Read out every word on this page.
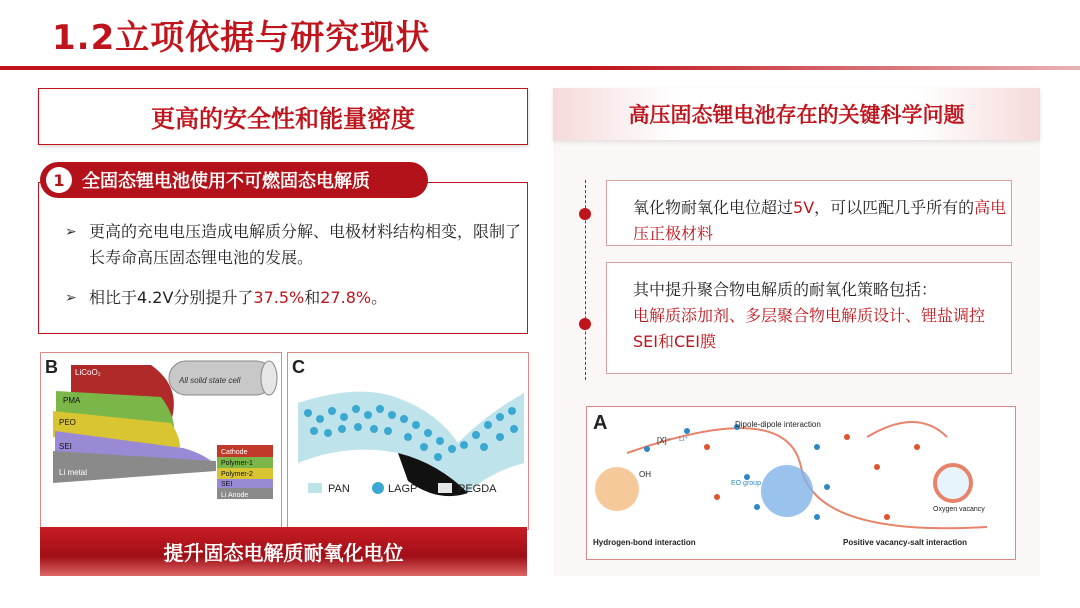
1.2立项依据与研究现状
更高的安全性和能量密度
➢ 更高的充电电压造成电解质分解、电极材料结构相变，限制了长寿命高压固态锂电池的发展。
➢ 相比于4.2V分别提升了37.5%和27.8%。
1 全固态锂电池使用不可燃固态电解质
B LiCoO₂
PMA
PEO
SEI
Li metal
All solid state cell
Cathode
Polymer-1
Polymer-2
SEI
Li Anode
C
PAN	LAGP	PEGDA
提升固态电解质耐氧化电位
高压固态锂电池存在的关键科学问题
氧化物耐氧化电位超过5V，可以匹配几乎所有的高电压正极材料
其中提升聚合物电解质的耐氧化策略包括：
电解质添加剂、多层聚合物电解质设计、锂盐调控SEI和CEI膜
A	Dipole-dipole interaction
EO group
OH
[X]⁻ Li⁺
Oxygen vacancy
Hydrogen-bond interaction	Positive vacancy-salt interaction
